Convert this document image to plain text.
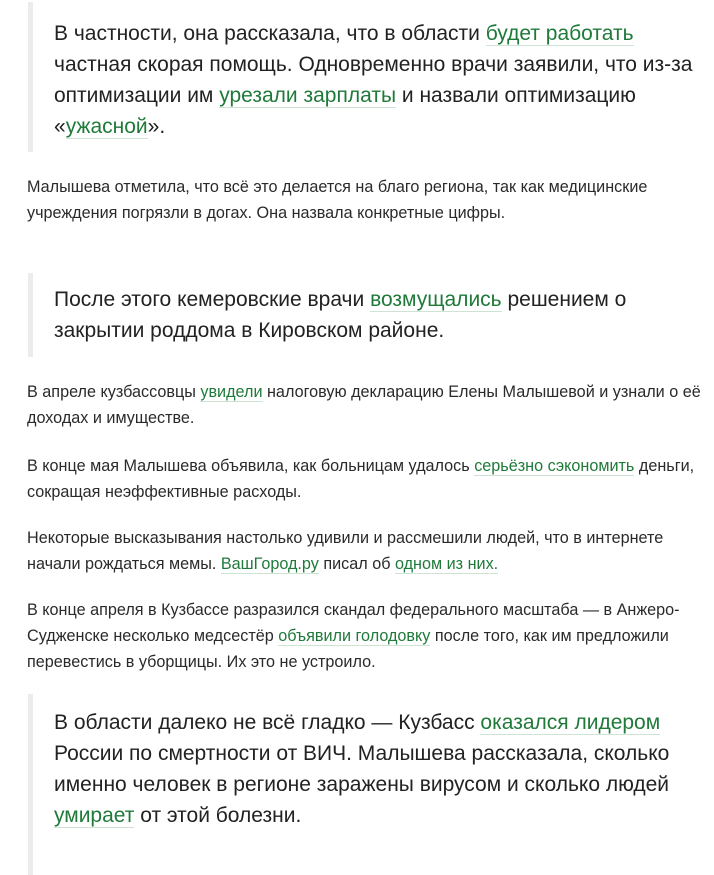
В частности, она рассказала, что в области будет работать частная скорая помощь. Одновременно врачи заявили, что из-за оптимизации им урезали зарплаты и назвали оптимизацию «ужасной».
Малышева отметила, что всё это делается на благо региона, так как медицинские учреждения погрязли в догах. Она назвала конкретные цифры.
После этого кемеровские врачи возмущались решением о закрытии роддома в Кировском районе.
В апреле кузбассовцы увидели налоговую декларацию Елены Малышевой и узнали о её доходах и имуществе.
В конце мая Малышева объявила, как больницам удалось серьёзно сэкономить деньги, сокращая неэффективные расходы.
Некоторые высказывания настолько удивили и рассмешили людей, что в интернете начали рождаться мемы. ВашГород.ру писал об одном из них.
В конце апреля в Кузбассе разразился скандал федерального масштаба — в Анжеро-Судженске несколько медсестёр объявили голодовку после того, как им предложили перевестись в уборщицы. Их это не устроило.
В области далеко не всё гладко — Кузбасс оказался лидером России по смертности от ВИЧ. Малышева рассказала, сколько именно человек в регионе заражены вирусом и сколько людей умирает от этой болезни.
